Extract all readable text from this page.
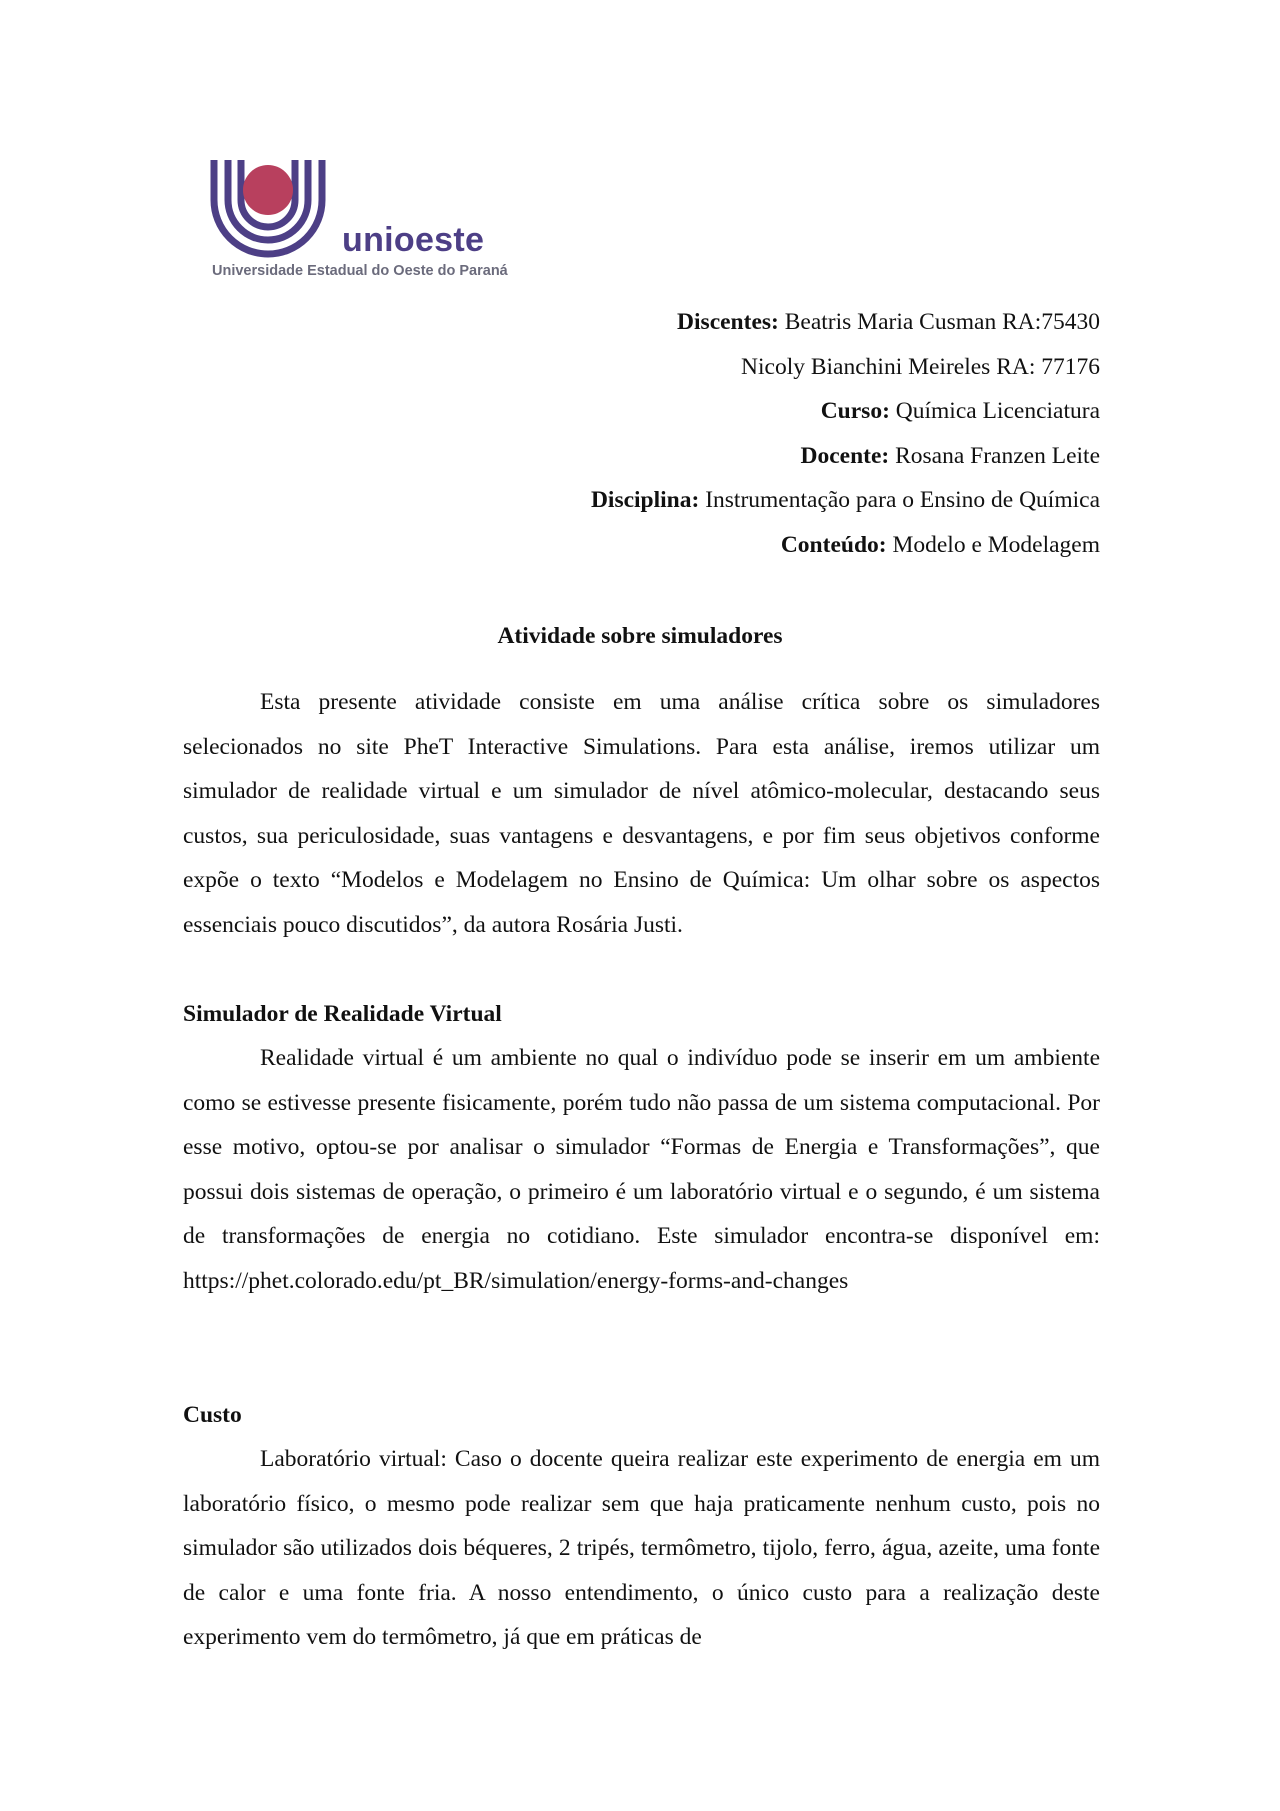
unioeste
Universidade Estadual do Oeste do Paraná
Discentes: Beatris Maria Cusman RA:75430
Nicoly Bianchini Meireles RA: 77176
Curso: Química Licenciatura
Docente: Rosana Franzen Leite
Disciplina: Instrumentação para o Ensino de Química
Conteúdo: Modelo e Modelagem
Atividade sobre simuladores

Esta presente atividade consiste em uma análise crítica sobre os simuladores selecionados no site PheT Interactive Simulations. Para esta análise, iremos utilizar um simulador de realidade virtual e um simulador de nível atômico-molecular, destacando seus custos, sua periculosidade, suas vantagens e desvantagens, e por fim seus objetivos conforme expõe o texto “Modelos e Modelagem no Ensino de Química: Um olhar sobre os aspectos essenciais pouco discutidos”, da autora Rosária Justi.

Simulador de Realidade Virtual

Realidade virtual é um ambiente no qual o indivíduo pode se inserir em um ambiente como se estivesse presente fisicamente, porém tudo não passa de um sistema computacional. Por esse motivo, optou-se por analisar o simulador “Formas de Energia e Transformações”, que possui dois sistemas de operação, o primeiro é um laboratório virtual e o segundo, é um sistema de transformações de energia no cotidiano. Este simulador encontra-se disponível em: https://phet.colorado.edu/pt_BR/simulation/energy-forms-and-changes

Custo

Laboratório virtual: Caso o docente queira realizar este experimento de energia em um laboratório físico, o mesmo pode realizar sem que haja praticamente nenhum custo, pois no simulador são utilizados dois béqueres, 2 tripés, termômetro, tijolo, ferro, água, azeite, uma fonte de calor e uma fonte fria. A nosso entendimento, o único custo para a realização deste experimento vem do termômetro, já que em práticas de
